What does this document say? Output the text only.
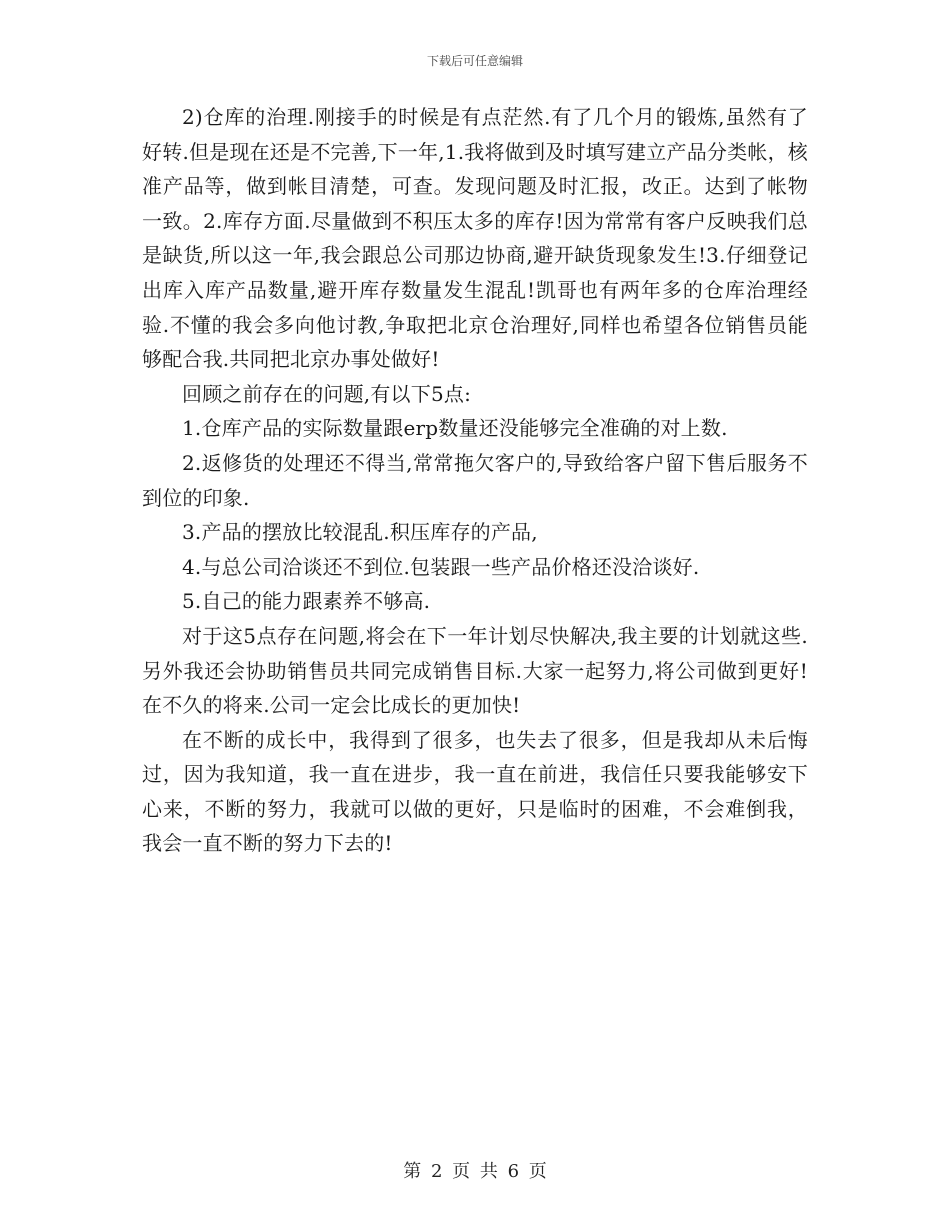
下载后可任意编辑

2)仓库的治理.刚接手的时候是有点茫然.有了几个月的锻炼,虽然有了好转.但是现在还是不完善,下一年,1.我将做到及时填写建立产品分类帐，核准产品等，做到帐目清楚，可查。发现问题及时汇报，改正。达到了帐物一致。2.库存方面.尽量做到不积压太多的库存!因为常常有客户反映我们总是缺货,所以这一年,我会跟总公司那边协商,避开缺货现象发生!3.仔细登记出库入库产品数量,避开库存数量发生混乱!凯哥也有两年多的仓库治理经验.不懂的我会多向他讨教,争取把北京仓治理好,同样也希望各位销售员能够配合我.共同把北京办事处做好!

回顾之前存在的问题,有以下5点:

1.仓库产品的实际数量跟erp数量还没能够完全准确的对上数.

2.返修货的处理还不得当,常常拖欠客户的,导致给客户留下售后服务不到位的印象.

3.产品的摆放比较混乱.积压库存的产品,

4.与总公司洽谈还不到位.包装跟一些产品价格还没洽谈好.

5.自己的能力跟素养不够高.

对于这5点存在问题,将会在下一年计划尽快解决,我主要的计划就这些.另外我还会协助销售员共同完成销售目标.大家一起努力,将公司做到更好!在不久的将来.公司一定会比成长的更加快!

在不断的成长中，我得到了很多，也失去了很多，但是我却从未后悔过，因为我知道，我一直在进步，我一直在前进，我信任只要我能够安下心来，不断的努力，我就可以做的更好，只是临时的困难，不会难倒我，我会一直不断的努力下去的!

第 2 页 共 6 页
